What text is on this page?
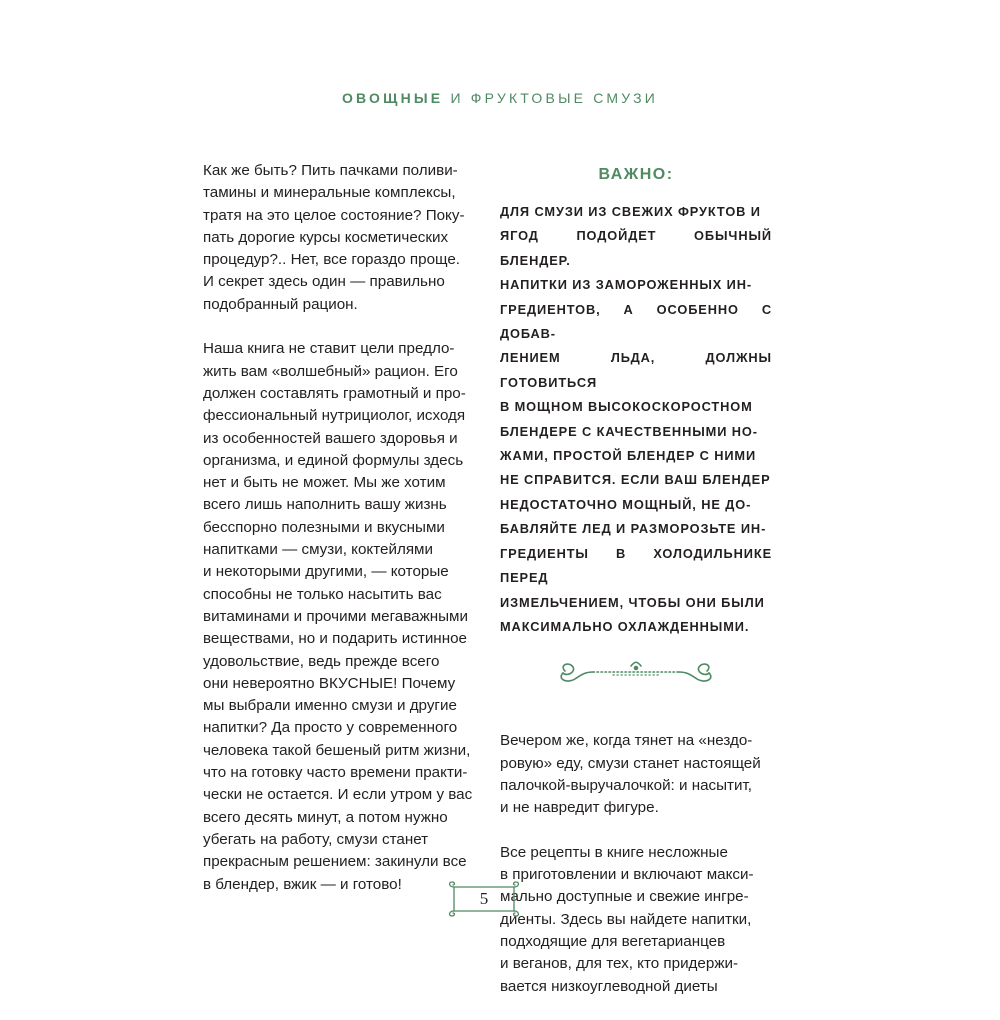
ОВОЩНЫЕ И ФРУКТОВЫЕ СМУЗИ

Как же быть? Пить пачками поливи-
тамины и минеральные комплексы,
тратя на это целое состояние? Поку-
пать дорогие курсы косметических
процедур?.. Нет, все гораздо проще.
И секрет здесь один — правильно
подобранный рацион.

Наша книга не ставит цели предло-
жить вам «волшебный» рацион. Его
должен составлять грамотный и про-
фессиональный нутрициолог, исходя
из особенностей вашего здоровья и
организма, и единой формулы здесь
нет и быть не может. Мы же хотим
всего лишь наполнить вашу жизнь
бесспорно полезными и вкусными
напитками — смузи, коктейлями
и некоторыми другими, — которые
способны не только насытить вас
витаминами и прочими мегаважными
веществами, но и подарить истинное
удовольствие, ведь прежде всего
они невероятно ВКУСНЫЕ! Почему
мы выбрали именно смузи и другие
напитки? Да просто у современного
человека такой бешеный ритм жизни,
что на готовку часто времени практи-
чески не остается. И если утром у вас
всего десять минут, а потом нужно
убегать на работу, смузи станет
прекрасным решением: закинули все
в блендер, вжик — и готово!

ВАЖНО:
ДЛЯ СМУЗИ ИЗ СВЕЖИХ ФРУКТОВ И
ЯГОД ПОДОЙДЕТ ОБЫЧНЫЙ БЛЕНДЕР.
НАПИТКИ ИЗ ЗАМОРОЖЕННЫХ ИН-
ГРЕДИЕНТОВ, А ОСОБЕННО С ДОБАВ-
ЛЕНИЕМ ЛЬДА, ДОЛЖНЫ ГОТОВИТЬСЯ
В МОЩНОМ ВЫСОКОСКОРОСТНОМ
БЛЕНДЕРЕ С КАЧЕСТВЕННЫМИ НО-
ЖАМИ, ПРОСТОЙ БЛЕНДЕР С НИМИ
НЕ СПРАВИТСЯ. ЕСЛИ ВАШ БЛЕНДЕР
НЕДОСТАТОЧНО МОЩНЫЙ, НЕ ДО-
БАВЛЯЙТЕ ЛЕД И РАЗМОРОЗЬТЕ ИН-
ГРЕДИЕНТЫ В ХОЛОДИЛЬНИКЕ ПЕРЕД
ИЗМЕЛЬЧЕНИЕМ, ЧТОБЫ ОНИ БЫЛИ
МАКСИМАЛЬНО ОХЛАЖДЕННЫМИ.

Вечером же, когда тянет на «нездо-
ровую» еду, смузи станет настоящей
палочкой-выручалочкой: и насытит,
и не навредит фигуре.

Все рецепты в книге несложные
в приготовлении и включают макси-
мально доступные и свежие ингре-
диенты. Здесь вы найдете напитки,
подходящие для вегетарианцев
и веганов, для тех, кто придержи-
вается низкоуглеводной диеты

5
